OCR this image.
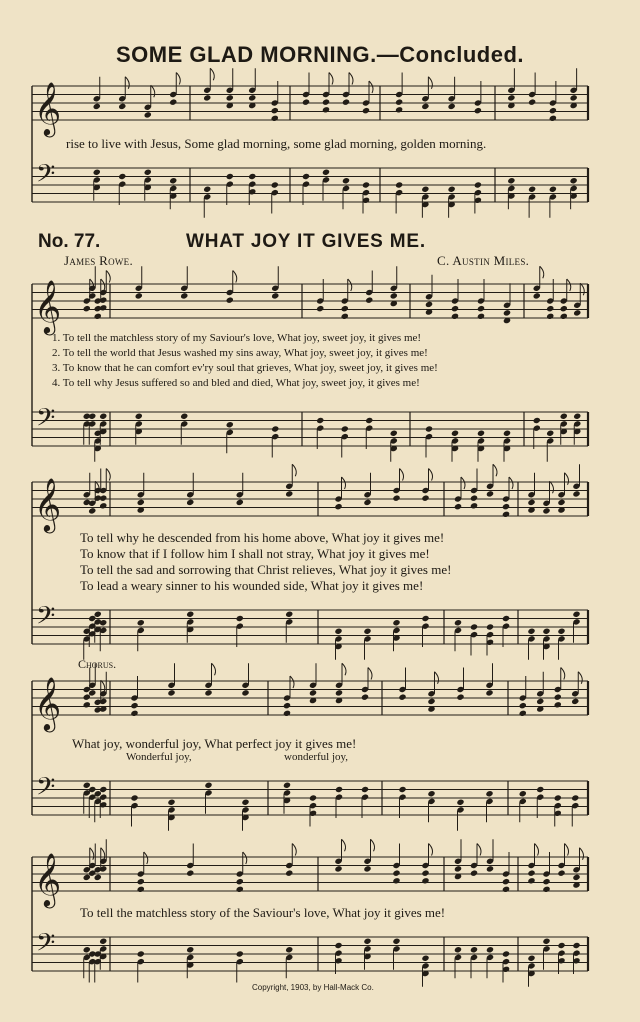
SOME GLAD MORNING.—Concluded.
𝄞
𝄢
𝄞
𝄢
𝄞
𝄢
𝄞
𝄢
𝄞
𝄢
rise to live with Jesus, Some glad morning, some glad morning, golden morning.
No. 77.	WHAT JOY IT GIVES ME.
James Rowe.	C. Austin Miles.
1. To tell the matchless story of my Saviour's love, What joy, sweet joy, it gives me!
2. To tell the world that Jesus washed my sins away, What joy, sweet joy, it gives me!
3. To know that he can comfort ev'ry soul that grieves, What joy, sweet joy, it gives me!
4. To tell why Jesus suffered so and bled and died, What joy, sweet joy, it gives me!
To tell why he descended from his home above, What joy it gives me!
To know that if I follow him I shall not stray, What joy it gives me!
To tell the sad and sorrowing that Christ relieves, What joy it gives me!
To lead a weary sinner to his wounded side, What joy it gives me!
Chorus.
What joy, wonderful joy, What perfect joy it gives me!
Wonderful joy,	wonderful joy,
To tell the matchless story of the Saviour's love, What joy it gives me!
Copyright, 1903, by Hall-Mack Co.
